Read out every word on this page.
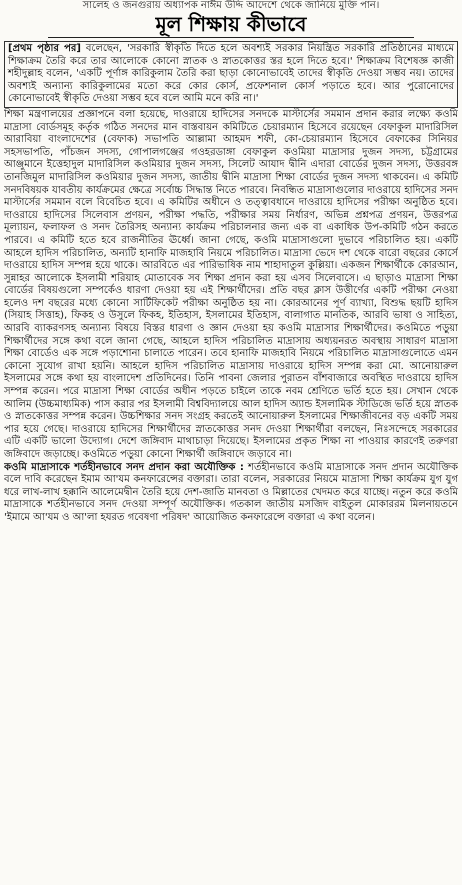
সালেহ ও জনগুরায় অধ্যাপক নাঈম উদ্দি আদেশে থেকে জানিয়ে মুক্তি পান।
মূল শিক্ষায় কীভাবে
[প্রথম পৃষ্ঠার পর] বলেছেন, 'সরকারি স্বীকৃতি দিতে হলে অবশ্যই সরকার নিয়ন্ত্রিত সরকারি প্রতিষ্ঠানের মাধ্যমে শিক্ষাক্রম তৈরি করে তার আলোকে কোনো স্নাতক ও স্নাতকোত্তর স্তর হলে দিতে হবে।' শিক্ষাক্রম বিশেষজ্ঞ কাজী শহীদুল্লাহ বলেন, 'একটি পূর্ণাঙ্গ কারিকুলাম তৈরি করা ছাড়া কোনোভাবেই তাদের স্বীকৃতি দেওয়া সম্ভব নয়। তাদের অবশ্যই অন্যান্য কারিকুলামের মতো করে কোর কোর্স, প্রফেশনাল কোর্স পড়াতে হবে। আর পুরোনোদের কোনোভাবেই স্বীকৃতি দেওয়া সম্ভব হবে বলে আমি মনে করি না।'

শিক্ষা মন্ত্রণালয়ের প্রজ্ঞাপনে বলা হয়েছে, দাওরায়ে হাদিসের সনদকে মাস্টার্সের সমমান প্রদান করার লক্ষ্যে কওমি মাদ্রাসা বোর্ডসমূহ কর্তৃক গঠিত সনদের মান বাস্তবায়ন কমিটিতে চেয়ারম্যান হিসেবে রয়েছেন বেফাকুল মাদারিসিল আরাবিয়া বাংলাদেশের (বেফাক) সভাপতি আল্লামা আহমদ শফী, কো-চেয়ারম্যান হিসেবে বেফাকের সিনিয়র সহসভাপতি, পাঁচজন সদস্য, গোপালগঞ্জের গওহরডাঙ্গা বেফাকুল কওমিয়া মাদ্রাসার দুজন সদস্য, চট্টগ্রামের আঞ্জুমানে ইত্তেহাদুল মাদারিসিল কওমিয়ার দুজন সদস্য, সিলেট আযাদ দ্বীনি এদারা বোর্ডের দুজন সদস্য, উত্তরবঙ্গ তানজিমুল মাদারিসিল কওমিয়ার দুজন সদস্য, জাতীয় দ্বীনি মাদ্রাসা শিক্ষা বোর্ডের দুজন সদস্য থাকবেন। এ কমিটি সনদবিষয়ক যাবতীয় কার্যক্রমের ক্ষেত্রে সর্বোচ্চ সিদ্ধান্ত নিতে পারবে। নিবন্ধিত মাদ্রাসাগুলোর দাওরায়ে হাদিসের সনদ মাস্টার্সের সমমান বলে বিবেচিত হবে। এ কমিটির অধীনে ও তত্ত্বাবধানে দাওরায়ে হাদিসের পরীক্ষা অনুষ্ঠিত হবে। দাওরায়ে হাদিসের সিলেবাস প্রণয়ন, পরীক্ষা পদ্ধতি, পরীক্ষার সময় নির্ধারণ, অভিন্ন প্রশ্নপত্র প্রণয়ন, উত্তরপত্র মূল্যায়ন, ফলাফল ও সনদ তৈরিসহ অন্যান্য কার্যক্রম পরিচালনার জন্য এক বা একাধিক উপ-কমিটি গঠন করতে পারবে। এ কমিটি হতে হবে রাজনীতির ঊর্ধ্বে। জানা গেছে, কওমি মাদ্রাসাগুলো দুভাবে পরিচালিত হয়। একটি আহলে হাদিস পরিচালিত, অন্যটি হানাফি মাজহাবি নিয়মে পরিচালিত। মাদ্রাসা ভেদে দশ থেকে বারো বছরের কোর্সে দাওরায়ে হাদিস সম্পন্ন হয়ে থাকে। আরবিতে এর পারিভাষিক নাম শাহাদাতুল কুল্লিয়া। একজন শিক্ষার্থীকে কোরআন, সুন্নাহর আলোকে ইসলামী শরিয়াহ মোতাবেক সব শিক্ষা প্রদান করা হয় এসব সিলেবাসে। এ ছাড়াও মাদ্রাসা শিক্ষা বোর্ডের বিষয়গুলো সম্পর্কেও ধারণা দেওয়া হয় এই শিক্ষার্থীদের। প্রতি বছর ক্লাস উত্তীর্ণের একটি পরীক্ষা নেওয়া হলেও দশ বছরের মধ্যে কোনো সার্টিফিকেট পরীক্ষা অনুষ্ঠিত হয় না। কোরআনের পূর্ণ ব্যাখ্যা, বিশুদ্ধ ছয়টি হাদিস (সিয়াহ সিত্তাহ), ফিকহ ও উসুলে ফিকহ, ইতিহাস, ইসলামের ইতিহাস, বালাগাত মানতিক, আরবি ভাষা ও সাহিত্য, আরবি ব্যাকরণসহ অন্যান্য বিষয়ে বিস্তর ধারণা ও জ্ঞান দেওয়া হয় কওমি মাদ্রাসার শিক্ষার্থীদের। কওমিতে পড়ুয়া শিক্ষার্থীদের সঙ্গে কথা বলে জানা গেছে, আহলে হাদিস পরিচালিত মাদ্রাসায় অধ্যয়নরত অবস্থায় সাধারণ মাদ্রাসা শিক্ষা বোর্ডেও এক সঙ্গে পড়াশোনা চালাতে পারেন। তবে হানাফি মাজহাবি নিয়মে পরিচালিত মাদ্রাসাগুলোতে এমন কোনো সুযোগ রাখা হয়নি। আহলে হাদিস পরিচালিত মাদ্রাসায় দাওরায়ে হাদিস সম্পন্ন করা মো. আনোয়ারুল ইসলামের সঙ্গে কথা হয় বাংলাদেশ প্রতিদিনের। তিনি পাবনা জেলার পুরাতন বাঁশবাজারে অবস্থিত দাওরায়ে হাদিস সম্পন্ন করেন। পরে মাদ্রাসা শিক্ষা বোর্ডের অধীন পড়তে চাইলে তাকে নবম শ্রেণিতে ভর্তি হতে হয়। সেখান থেকে আলিম (উচ্চমাধ্যমিক) পাস করার পর ইসলামী বিশ্ববিদ্যালয়ে আল হাদিস অ্যান্ড ইসলামিক স্টাডিজে ভর্তি হয়ে স্নাতক ও স্নাতকোত্তর সম্পন্ন করেন। উচ্চশিক্ষার সনদ সংগ্রহ করতেই আনোয়ারুল ইসলামের শিক্ষাজীবনের বড় একটি সময় পার হয়ে গেছে। দাওরায়ে হাদিসের শিক্ষার্থীদের স্নাতকোত্তর সনদ দেওয়া শিক্ষার্থীরা বলছেন, নিঃসন্দেহে সরকারের এটি একটি ভালো উদ্যোগ। দেশে জঙ্গিবাদ মাথাচাড়া দিয়েছে। ইসলামের প্রকৃত শিক্ষা না পাওয়ার কারণেই তরুণরা জঙ্গিবাদে জড়াচ্ছে। কওমিতে পড়ুয়া কোনো শিক্ষার্থী জঙ্গিবাদে জড়াবে না।

কওমি মাদ্রাসাকে শর্তহীনভাবে সনদ প্রদান করা অযৌক্তিক : শর্তহীনভাবে কওমি মাদ্রাসাকে সনদ প্রদান অযৌক্তিক বলে দাবি করেছেন ইমাম আ'যম কনফারেন্সের বক্তারা। তারা বলেন, সরকারের নিয়মে মাদ্রাসা শিক্ষা কার্যক্রম যুগ যুগ ধরে লাখ-লাখ হক্কানি আলেমেদ্বীন তৈরি হয়ে দেশ-জাতি মানবতা ও মিল্লাতের খেদমত করে যাচ্ছে। নতুন করে কওমি মাদ্রাসাকে শর্তহীনভাবে সনদ দেওয়া সম্পূর্ণ অযৌক্তিক। গতকাল জাতীয় মসজিদ বাইতুল মোকাররম মিলনায়তনে 'ইমামে আ'যম ও আ'লা হযরত গবেষণা পরিষদ' আয়োজিত কনফারেন্সে বক্তারা এ কথা বলেন।
